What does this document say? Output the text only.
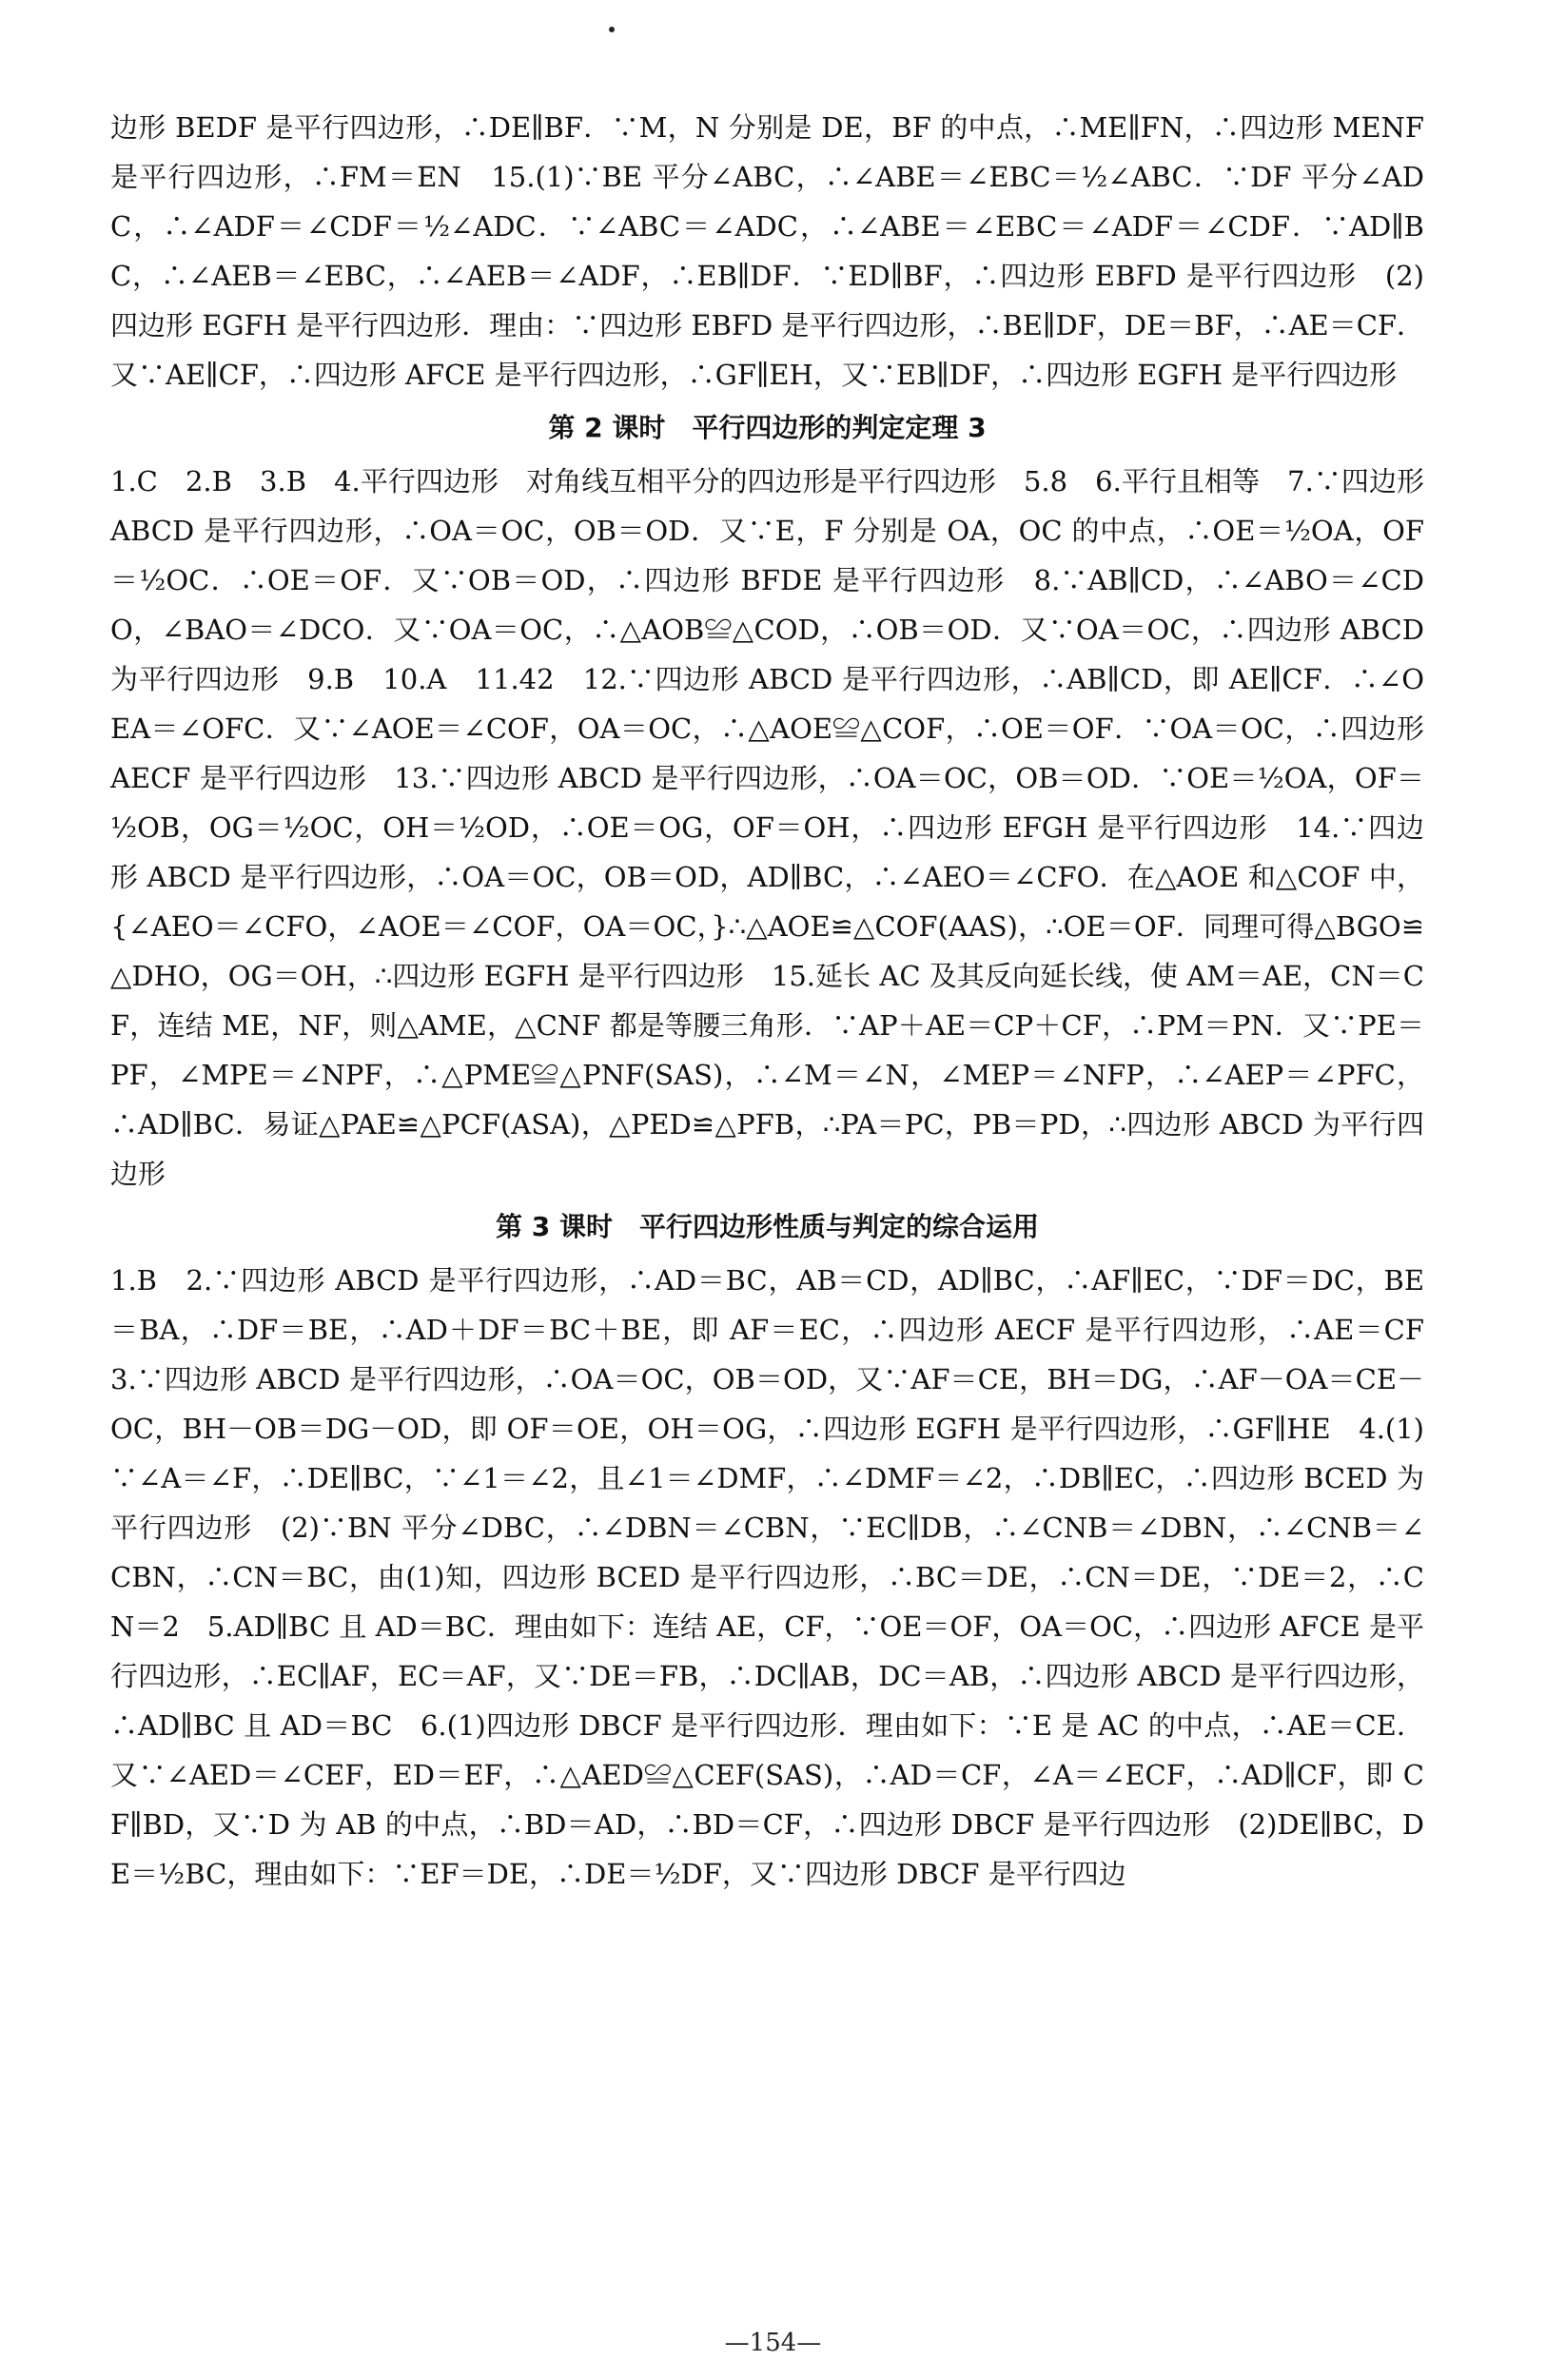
边形 BEDF 是平行四边形，∴DE∥BF．∵M，N 分别是 DE，BF 的中点，∴ME∥FN，∴四边形 MENF 是平行四边形，∴FM＝EN　15.(1)∵BE 平分∠ABC，∴∠ABE＝∠EBC＝½∠ABC．∵DF 平分∠ADC，∴∠ADF＝∠CDF＝½∠ADC．∵∠ABC＝∠ADC，∴∠ABE＝∠EBC＝∠ADF＝∠CDF．∵AD∥BC，∴∠AEB＝∠EBC，∴∠AEB＝∠ADF，∴EB∥DF．∵ED∥BF，∴四边形 EBFD 是平行四边形　(2)四边形 EGFH 是平行四边形．理由：∵四边形 EBFD 是平行四边形，∴BE∥DF，DE＝BF，∴AE＝CF．又∵AE∥CF，∴四边形 AFCE 是平行四边形，∴GF∥EH，又∵EB∥DF，∴四边形 EGFH 是平行四边形

第 2 课时　平行四边形的判定定理 3

1.C　2.B　3.B　4.平行四边形　对角线互相平分的四边形是平行四边形　5.8　6.平行且相等　7.∵四边形 ABCD 是平行四边形，∴OA＝OC，OB＝OD．又∵E，F 分别是 OA，OC 的中点，∴OE＝½OA，OF＝½OC．∴OE＝OF．又∵OB＝OD，∴四边形 BFDE 是平行四边形　8.∵AB∥CD，∴∠ABO＝∠CDO，∠BAO＝∠DCO．又∵OA＝OC，∴△AOB≌△COD，∴OB＝OD．又∵OA＝OC，∴四边形 ABCD 为平行四边形　9.B　10.A　11.42　12.∵四边形 ABCD 是平行四边形，∴AB∥CD，即 AE∥CF．∴∠OEA＝∠OFC．又∵∠AOE＝∠COF，OA＝OC，∴△AOE≌△COF，∴OE＝OF．∵OA＝OC，∴四边形 AECF 是平行四边形　13.∵四边形 ABCD 是平行四边形，∴OA＝OC，OB＝OD．∵OE＝½OA，OF＝½OB，OG＝½OC，OH＝½OD，∴OE＝OG，OF＝OH，∴四边形 EFGH 是平行四边形　14.∵四边形 ABCD 是平行四边形，∴OA＝OC，OB＝OD，AD∥BC，∴∠AEO＝∠CFO．在△AOE 和△COF 中，{∠AEO＝∠CFO，∠AOE＝∠COF，OA＝OC，}∴△AOE≌△COF(AAS)，∴OE＝OF．同理可得△BGO≌△DHO，OG＝OH，∴四边形 EGFH 是平行四边形　15.延长 AC 及其反向延长线，使 AM＝AE，CN＝CF，连结 ME，NF，则△AME，△CNF 都是等腰三角形．∵AP＋AE＝CP＋CF，∴PM＝PN．又∵PE＝PF，∠MPE＝∠NPF，∴△PME≌△PNF(SAS)，∴∠M＝∠N，∠MEP＝∠NFP，∴∠AEP＝∠PFC，∴AD∥BC．易证△PAE≌△PCF(ASA)，△PED≌△PFB，∴PA＝PC，PB＝PD，∴四边形 ABCD 为平行四边形

第 3 课时　平行四边形性质与判定的综合运用

1.B　2.∵四边形 ABCD 是平行四边形，∴AD＝BC，AB＝CD，AD∥BC，∴AF∥EC，∵DF＝DC，BE＝BA，∴DF＝BE，∴AD＋DF＝BC＋BE，即 AF＝EC，∴四边形 AECF 是平行四边形，∴AE＝CF　3.∵四边形 ABCD 是平行四边形，∴OA＝OC，OB＝OD，又∵AF＝CE，BH＝DG，∴AF－OA＝CE－OC，BH－OB＝DG－OD，即 OF＝OE，OH＝OG，∴四边形 EGFH 是平行四边形，∴GF∥HE　4.(1)∵∠A＝∠F，∴DE∥BC，∵∠1＝∠2，且∠1＝∠DMF，∴∠DMF＝∠2，∴DB∥EC，∴四边形 BCED 为平行四边形　(2)∵BN 平分∠DBC，∴∠DBN＝∠CBN，∵EC∥DB，∴∠CNB＝∠DBN，∴∠CNB＝∠CBN，∴CN＝BC，由(1)知，四边形 BCED 是平行四边形，∴BC＝DE，∴CN＝DE，∵DE＝2，∴CN＝2　5.AD∥BC 且 AD＝BC．理由如下：连结 AE，CF，∵OE＝OF，OA＝OC，∴四边形 AFCE 是平行四边形，∴EC∥AF，EC＝AF，又∵DE＝FB，∴DC∥AB，DC＝AB，∴四边形 ABCD 是平行四边形，∴AD∥BC 且 AD＝BC　6.(1)四边形 DBCF 是平行四边形．理由如下：∵E 是 AC 的中点，∴AE＝CE．又∵∠AED＝∠CEF，ED＝EF，∴△AED≌△CEF(SAS)，∴AD＝CF，∠A＝∠ECF，∴AD∥CF，即 CF∥BD，又∵D 为 AB 的中点，∴BD＝AD，∴BD＝CF，∴四边形 DBCF 是平行四边形　(2)DE∥BC，DE＝½BC，理由如下：∵EF＝DE，∴DE＝½DF，又∵四边形 DBCF 是平行四边

—154—
